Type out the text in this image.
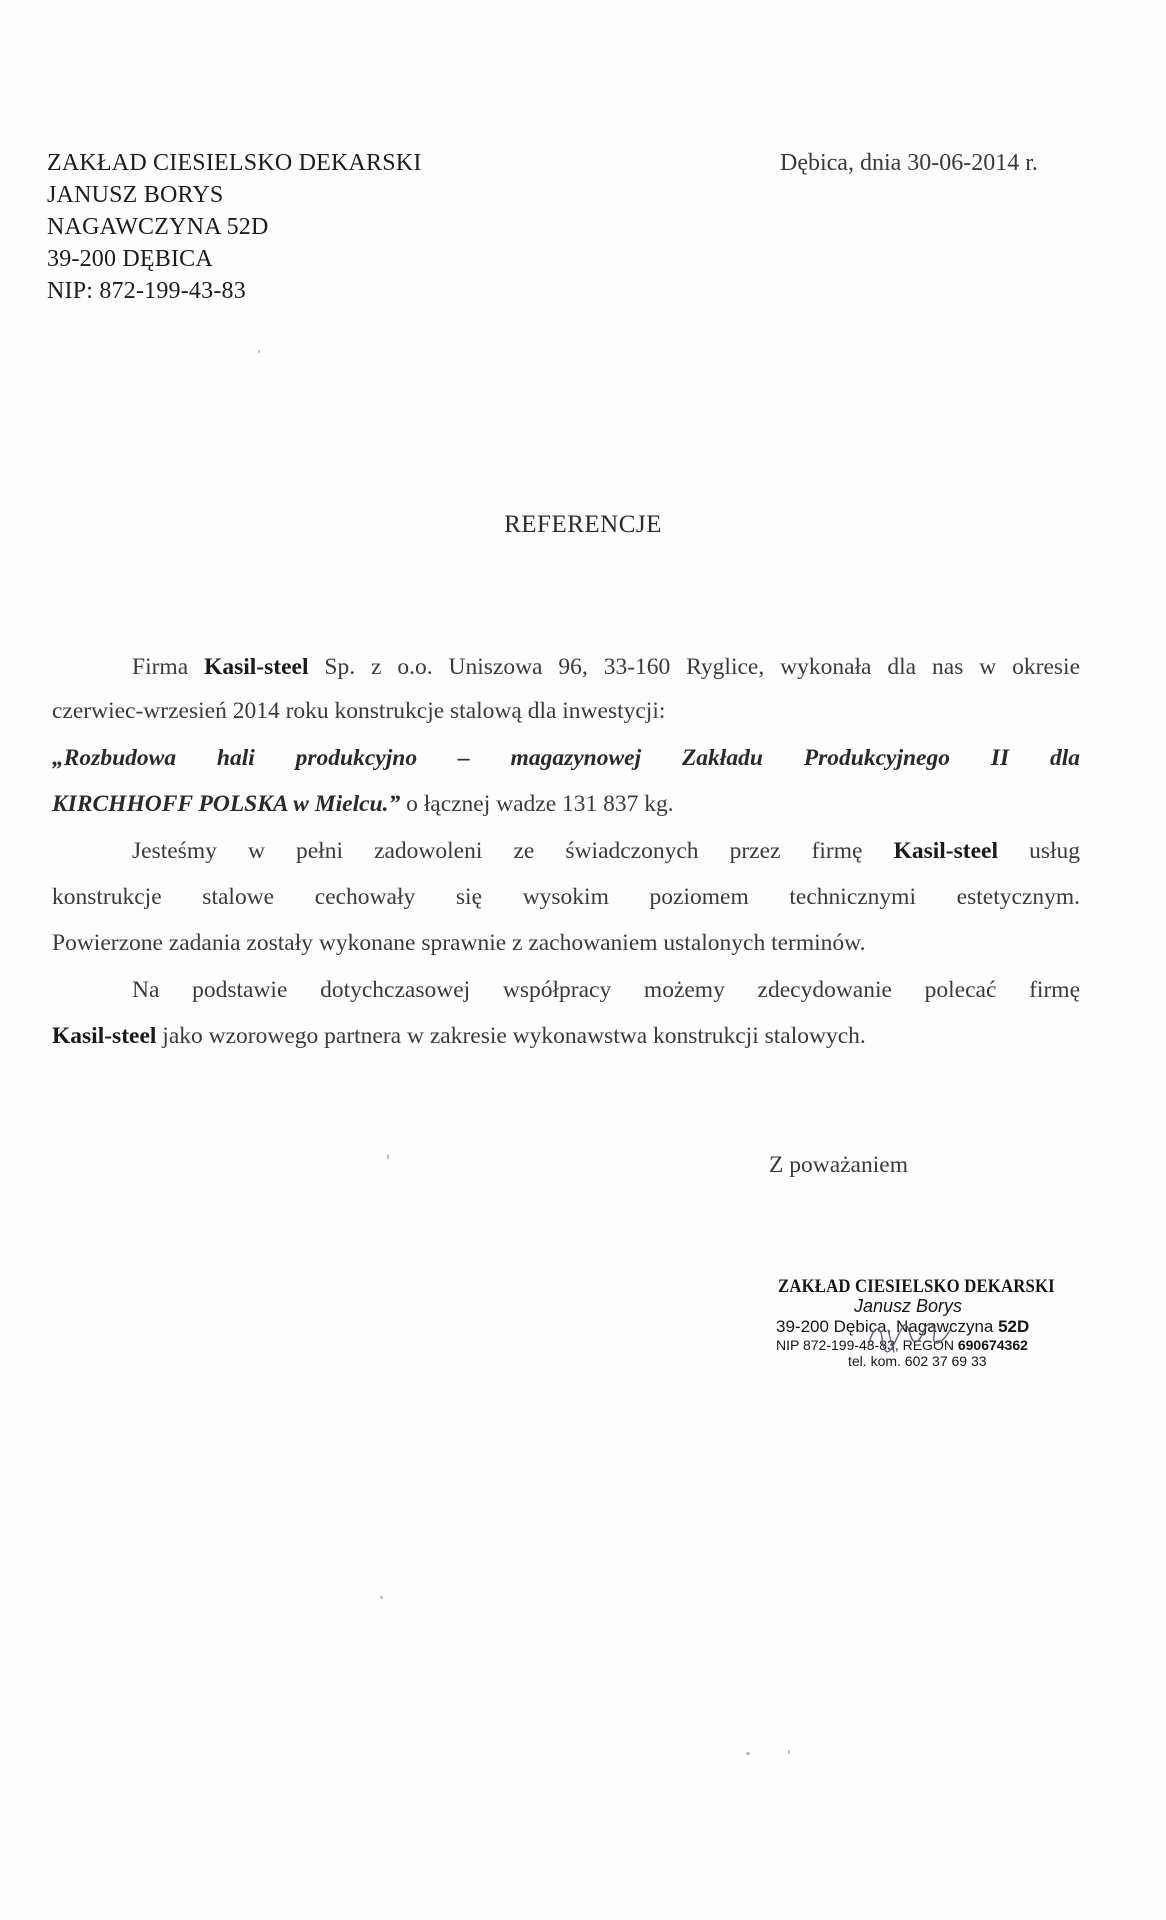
ZAKŁAD CIESIELSKO DEKARSKI
JANUSZ BORYS
NAGAWCZYNA 52D
39-200 DĘBICA
NIP: 872-199-43-83
Dębica, dnia 30-06-2014 r.
REFERENCJE
Firma Kasil-steel Sp. z o.o. Uniszowa 96, 33-160 Ryglice, wykonała dla nas w okresie
czerwiec-wrzesień 2014 roku konstrukcje stalową dla inwestycji:
„Rozbudowa hali produkcyjno – magazynowej Zakładu Produkcyjnego II dla
KIRCHHOFF POLSKA w Mielcu.” o łącznej wadze 131 837 kg.
Jesteśmy w pełni zadowoleni ze świadczonych przez firmę Kasil-steel usług
konstrukcje stalowe cechowały się wysokim poziomem technicznymi estetycznym.
Powierzone zadania zostały wykonane sprawnie z zachowaniem ustalonych terminów.
Na podstawie dotychczasowej współpracy możemy zdecydowanie polecać firmę
Kasil-steel jako wzorowego partnera w zakresie wykonawstwa konstrukcji stalowych.
Z poważaniem
ZAKŁAD CIESIELSKO DEKARSKI
Janusz Borys
39-200 Dębica, Nagawczyna 52D
NIP 872-199-43-83, REGON 690674362
tel. kom. 602 37 69 33
